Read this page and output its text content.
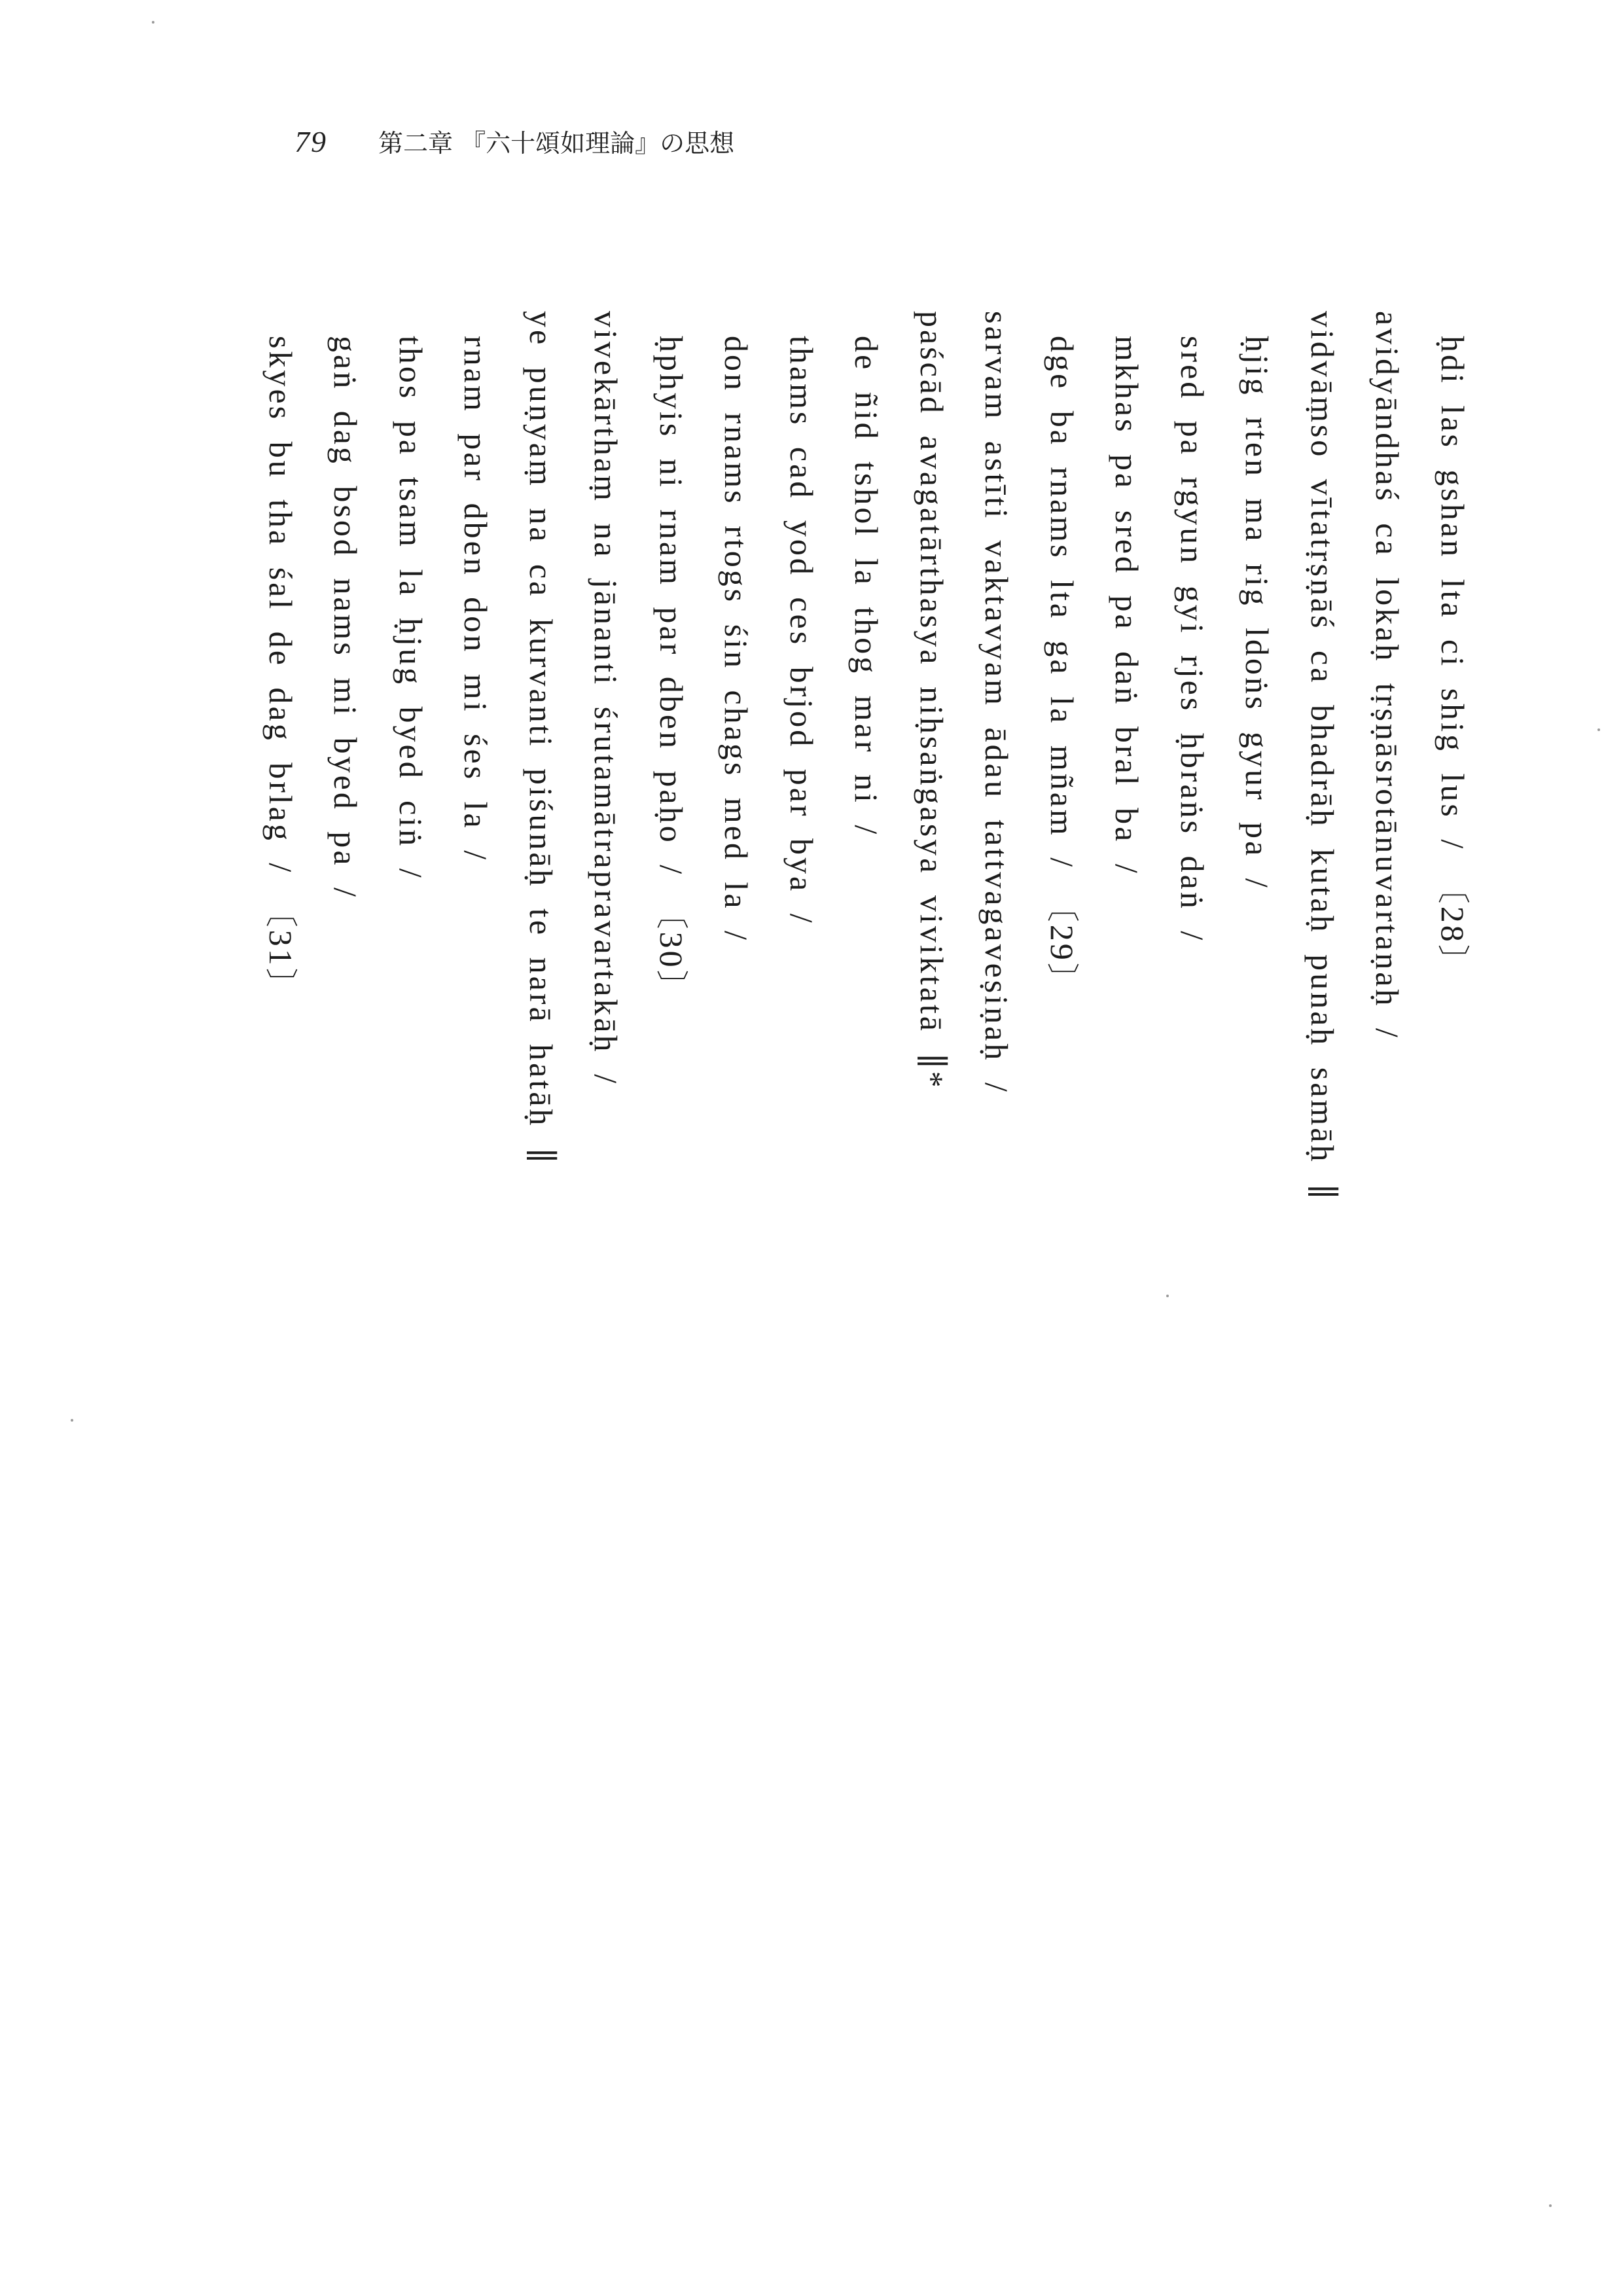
79 第二章 『六十頌如理論』の思想
ḥdi las gshan lta ci shig lus / 〔28〕
avidyāndhaś ca lokaḥ tṛṣṇāsrotānuvartaṇaḥ /
vidvāṃso vītatṛṣṇāś ca bhadrāḥ kutaḥ punaḥ samāḥ ∥
ḥjig rten ma rig ldoṅs gyur pa /
sred pa rgyun gyi rjes ḥbraṅs daṅ /
mkhas pa sred pa daṅ bral ba /
dge ba rnams lta ga la mñam / 〔29〕
sarvam astīti vaktavyam ādau tattvagaveṣiṇaḥ /
paścād avagatārthasya niḥsaṅgasya viviktatā ∥*
de ñid tshol la thog mar ni /
thams cad yod ces brjod par bya /
don rnams rtogs śin chags med la /
ḥphyis ni rnam par dben paḥo / 〔30〕
vivekārthaṃ na jānanti śrutamātrapravartakāḥ /
ye puṇyaṃ na ca kurvanti piśunāḥ te narā hatāḥ ∥
rnam par dben don mi śes la /
thos pa tsam la ḥjug byed ciṅ /
gaṅ dag bsod nams mi byed pa /
skyes bu tha śal de dag brlag / 〔31〕
